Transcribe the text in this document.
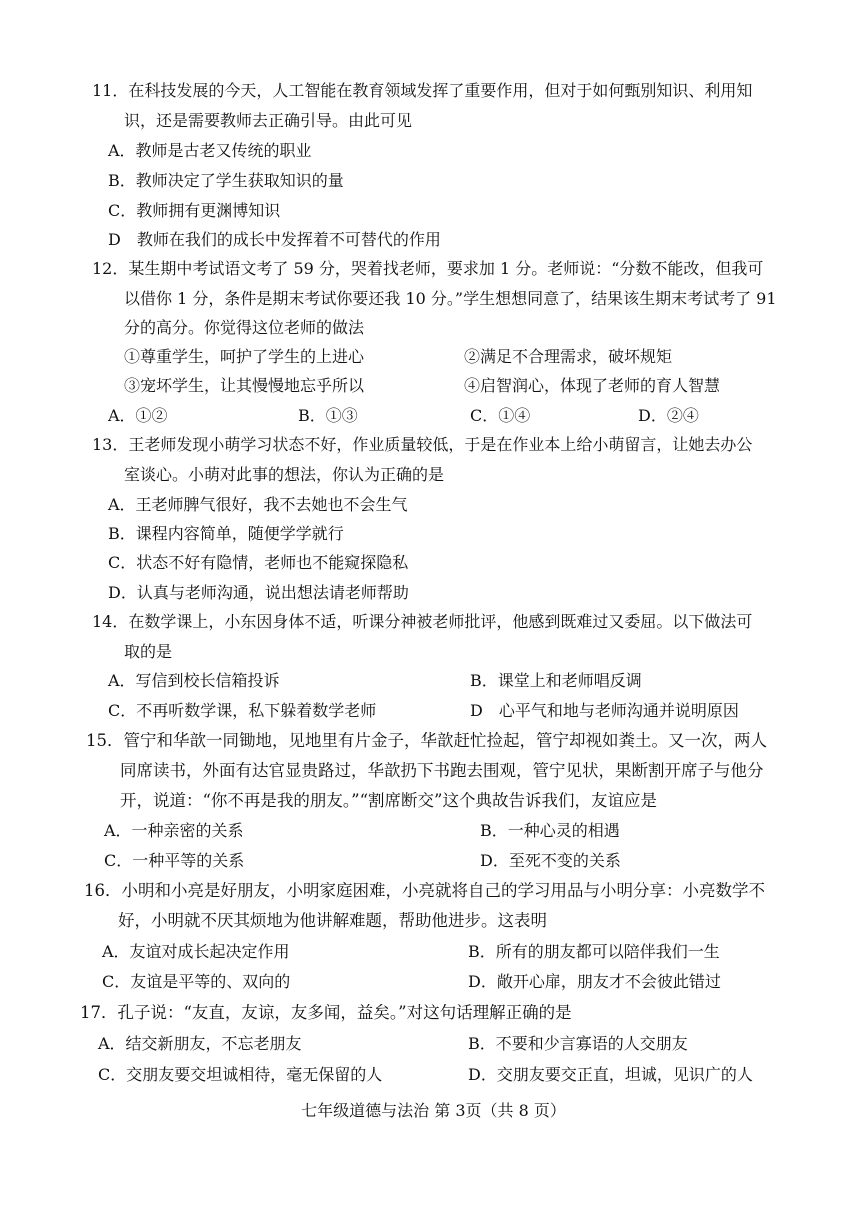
11．在科技发展的今天，人工智能在教育领域发挥了重要作用，但对于如何甄别知识、利用知
识，还是需要教师去正确引导。由此可见
A．教师是古老又传统的职业
B．教师决定了学生获取知识的量
C．教师拥有更渊博知识
D　教师在我们的成长中发挥着不可替代的作用
12．某生期中考试语文考了 59 分，哭着找老师，要求加 1 分。老师说：“分数不能改，但我可
以借你 1 分，条件是期末考试你要还我 10 分。”学生想想同意了，结果该生期末考试考了 91
分的高分。你觉得这位老师的做法
①尊重学生，呵护了学生的上进心	②满足不合理需求，破坏规矩
③宠坏学生，让其慢慢地忘乎所以	④启智润心，体现了老师的育人智慧
A．①②	B．①③	C．①④	D．②④
13．王老师发现小萌学习状态不好，作业质量较低，于是在作业本上给小萌留言，让她去办公
室谈心。小萌对此事的想法，你认为正确的是
A．王老师脾气很好，我不去她也不会生气
B．课程内容简单，随便学学就行
C．状态不好有隐情，老师也不能窥探隐私
D．认真与老师沟通，说出想法请老师帮助
14．在数学课上，小东因身体不适，听课分神被老师批评，他感到既难过又委屈。以下做法可
取的是
A．写信到校长信箱投诉	B．课堂上和老师唱反调
C．不再听数学课，私下躲着数学老师	D　心平气和地与老师沟通并说明原因
15．管宁和华歆一同锄地，见地里有片金子，华歆赶忙捡起，管宁却视如粪土。又一次，两人
同席读书，外面有达官显贵路过，华歆扔下书跑去围观，管宁见状，果断割开席子与他分
开，说道：“你不再是我的朋友。”“割席断交”这个典故告诉我们，友谊应是
A．一种亲密的关系	B．一种心灵的相遇
C．一种平等的关系	D．至死不变的关系
16．小明和小亮是好朋友，小明家庭困难，小亮就将自己的学习用品与小明分享：小亮数学不
好，小明就不厌其烦地为他讲解难题，帮助他进步。这表明
A．友谊对成长起决定作用	B．所有的朋友都可以陪伴我们一生
C．友谊是平等的、双向的	D．敞开心扉，朋友才不会彼此错过
17．孔子说：“友直，友谅，友多闻，益矣。”对这句话理解正确的是
A．结交新朋友，不忘老朋友	B．不要和少言寡语的人交朋友
C．交朋友要交坦诚相待，毫无保留的人	D．交朋友要交正直，坦诚，见识广的人
七年级道德与法治 第 3页（共 8 页）
